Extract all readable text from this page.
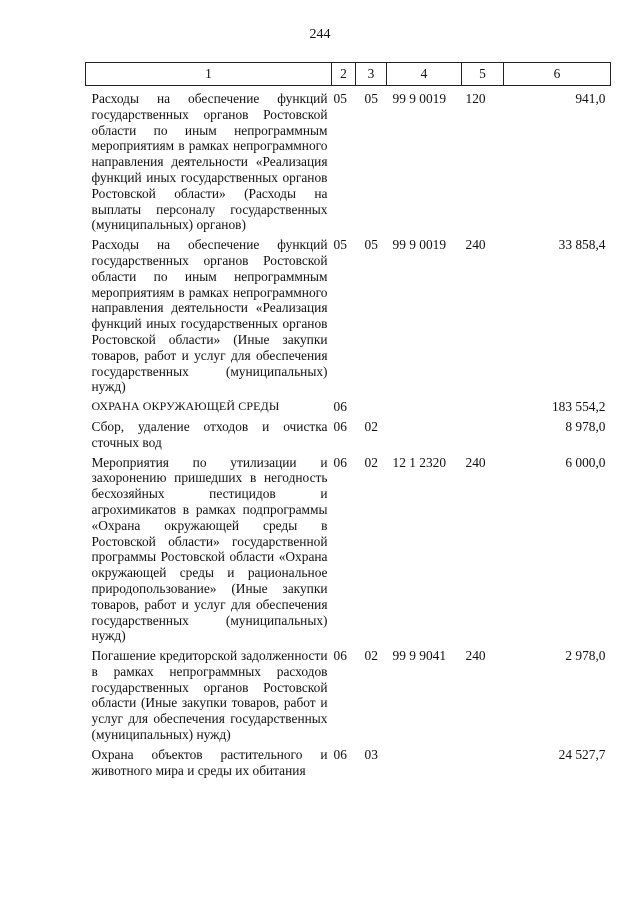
244
1	2	3	4	5	6
Расходы на обеспечение функций государственных органов Ростовской области по иным непрограммным мероприятиям в рамках непрограммного направления деятельности «Реализация функций иных государственных органов Ростовской области» (Расходы на выплаты персоналу государственных (муниципальных) органов)	05	05	99 9 0019	120	941,0
Расходы на обеспечение функций государственных органов Ростовской области по иным непрограммным мероприятиям в рамках непрограммного направления деятельности «Реализация функций иных государственных органов Ростовской области» (Иные закупки товаров, работ и услуг для обеспечения государственных (муниципальных) нужд)	05	05	99 9 0019	240	33 858,4
ОХРАНА ОКРУЖАЮЩЕЙ СРЕДЫ	06				183 554,2
Сбор, удаление отходов и очистка сточных вод	06	02			8 978,0
Мероприятия по утилизации и захоронению пришедших в негодность бесхозяйных пестицидов и агрохимикатов в рамках подпрограммы «Охрана окружающей среды в Ростовской области» государственной программы Ростовской области «Охрана окружающей среды и рациональное природопользование» (Иные закупки товаров, работ и услуг для обеспечения государственных (муниципальных) нужд)	06	02	12 1 2320	240	6 000,0
Погашение кредиторской задолженности в рамках непрограммных расходов государственных органов Ростовской области (Иные закупки товаров, работ и услуг для обеспечения государственных (муниципальных) нужд)	06	02	99 9 9041	240	2 978,0
Охрана объектов растительного и животного мира и среды их обитания	06	03			24 527,7
